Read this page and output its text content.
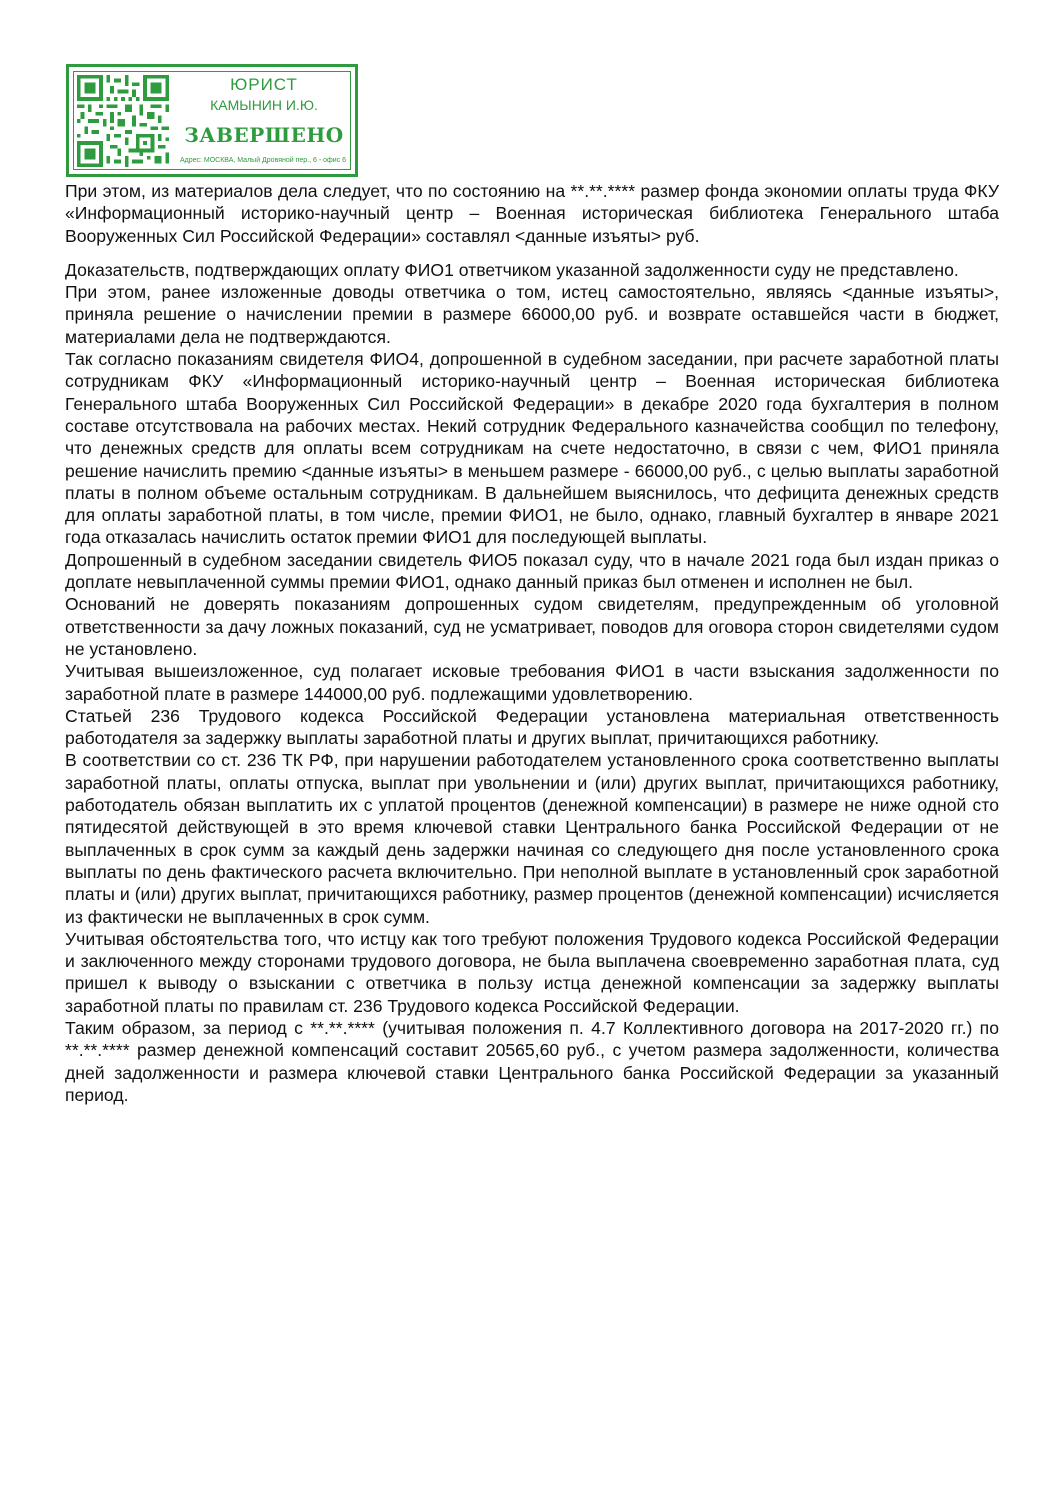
ЮРИСТ
КАМЫНИН И.Ю.
ЗАВЕРШЕНО
Адрес: МОСКВА, Малый Дровяной пер., 6 - офис 6

При этом, из материалов дела следует, что по состоянию на **.**.**** размер фонда экономии оплаты труда ФКУ «Информационный историко-научный центр – Военная историческая библиотека Генерального штаба Вооруженных Сил Российской Федерации» составлял <данные изъяты> руб.

Доказательств, подтверждающих оплату ФИО1 ответчиком указанной задолженности суду не представлено.

При этом, ранее изложенные доводы ответчика о том, истец самостоятельно, являясь <данные изъяты>, приняла решение о начислении премии в размере 66000,00 руб. и возврате оставшейся части в бюджет, материалами дела не подтверждаются.

Так согласно показаниям свидетеля ФИО4, допрошенной в судебном заседании, при расчете заработной платы сотрудникам ФКУ «Информационный историко-научный центр – Военная историческая библиотека Генерального штаба Вооруженных Сил Российской Федерации» в декабре 2020 года бухгалтерия в полном составе отсутствовала на рабочих местах. Некий сотрудник Федерального казначейства сообщил по телефону, что денежных средств для оплаты всем сотрудникам на счете недостаточно, в связи с чем, ФИО1 приняла решение начислить премию <данные изъяты> в меньшем размере - 66000,00 руб., с целью выплаты заработной платы в полном объеме остальным сотрудникам. В дальнейшем выяснилось, что дефицита денежных средств для оплаты заработной платы, в том числе, премии ФИО1, не было, однако, главный бухгалтер в январе 2021 года отказалась начислить остаток премии ФИО1 для последующей выплаты.

Допрошенный в судебном заседании свидетель ФИО5 показал суду, что в начале 2021 года был издан приказ о доплате невыплаченной суммы премии ФИО1, однако данный приказ был отменен и исполнен не был.

Оснований не доверять показаниям допрошенных судом свидетелям, предупрежденным об уголовной ответственности за дачу ложных показаний, суд не усматривает, поводов для оговора сторон свидетелями судом не установлено.

Учитывая вышеизложенное, суд полагает исковые требования ФИО1 в части взыскания задолженности по заработной плате в размере 144000,00 руб. подлежащими удовлетворению.

Статьей 236 Трудового кодекса Российской Федерации установлена материальная ответственность работодателя за задержку выплаты заработной платы и других выплат, причитающихся работнику.

В соответствии со ст. 236 ТК РФ, при нарушении работодателем установленного срока соответственно выплаты заработной платы, оплаты отпуска, выплат при увольнении и (или) других выплат, причитающихся работнику, работодатель обязан выплатить их с уплатой процентов (денежной компенсации) в размере не ниже одной сто пятидесятой действующей в это время ключевой ставки Центрального банка Российской Федерации от не выплаченных в срок сумм за каждый день задержки начиная со следующего дня после установленного срока выплаты по день фактического расчета включительно. При неполной выплате в установленный срок заработной платы и (или) других выплат, причитающихся работнику, размер процентов (денежной компенсации) исчисляется из фактически не выплаченных в срок сумм.

Учитывая обстоятельства того, что истцу как того требуют положения Трудового кодекса Российской Федерации и заключенного между сторонами трудового договора, не была выплачена своевременно заработная плата, суд пришел к выводу о взыскании с ответчика в пользу истца денежной компенсации за задержку выплаты заработной платы по правилам ст. 236 Трудового кодекса Российской Федерации.

Таким образом, за период с **.**.**** (учитывая положения п. 4.7 Коллективного договора на 2017-2020 гг.) по **.**.**** размер денежной компенсаций составит 20565,60 руб., с учетом размера задолженности, количества дней задолженности и размера ключевой ставки Центрального банка Российской Федерации за указанный период.
